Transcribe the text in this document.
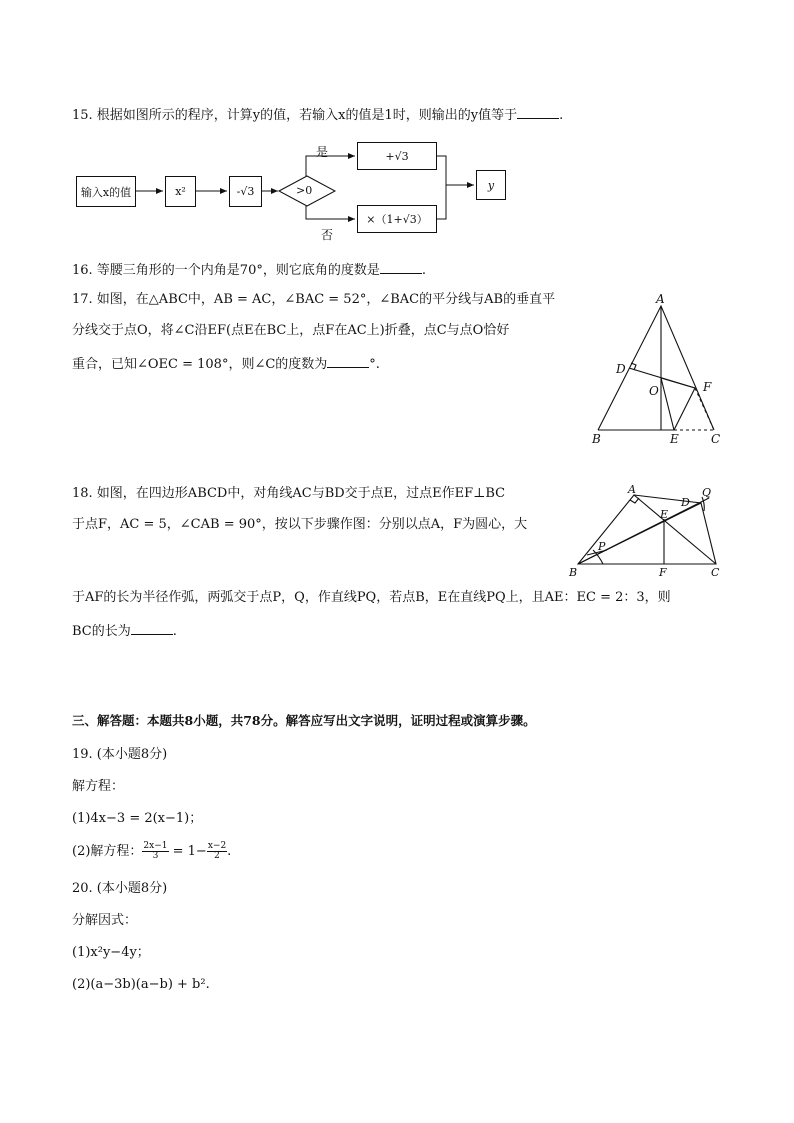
15. 根据如图所示的程序，计算y的值，若输入x的值是1时，则输出的y值等于	.
输入x的值	x²	-√3	>0
是
否
+√3
×（1+√3）
y
16. 等腰三角形的一个内角是70°，则它底角的度数是	.
17. 如图，在△ABC中，AB = AC，∠BAC = 52°，∠BAC的平分线与AB的垂直平
分线交于点O，将∠C沿EF(点E在BC上，点F在AC上)折叠，点C与点O恰好
重合，已知∠OEC = 108°，则∠C的度数为	°.
A
B	C
D
E
F
O
18. 如图，在四边形ABCD中，对角线AC与BD交于点E，过点E作EF⊥BC
于点F，AC = 5，∠CAB = 90°，按以下步骤作图：分别以点A，F为圆心，大
于AF的长为半径作弧，两弧交于点P，Q，作直线PQ，若点B，E在直线PQ上，且AE：EC = 2：3，则
BC的长为	.
A
B	C
D
E
F
P
Q
三、解答题：本题共8小题，共78分。解答应写出文字说明，证明过程或演算步骤。
19. (本小题8分)
解方程：
(1)4x−3 = 2(x−1)；
(2)解方程： $\frac{2x-1}{3} = 1- \frac{x-2}{2}$ .
20. (本小题8分)
分解因式：
(1)x²y−4y；
(2)(a−3b)(a−b) + b².
